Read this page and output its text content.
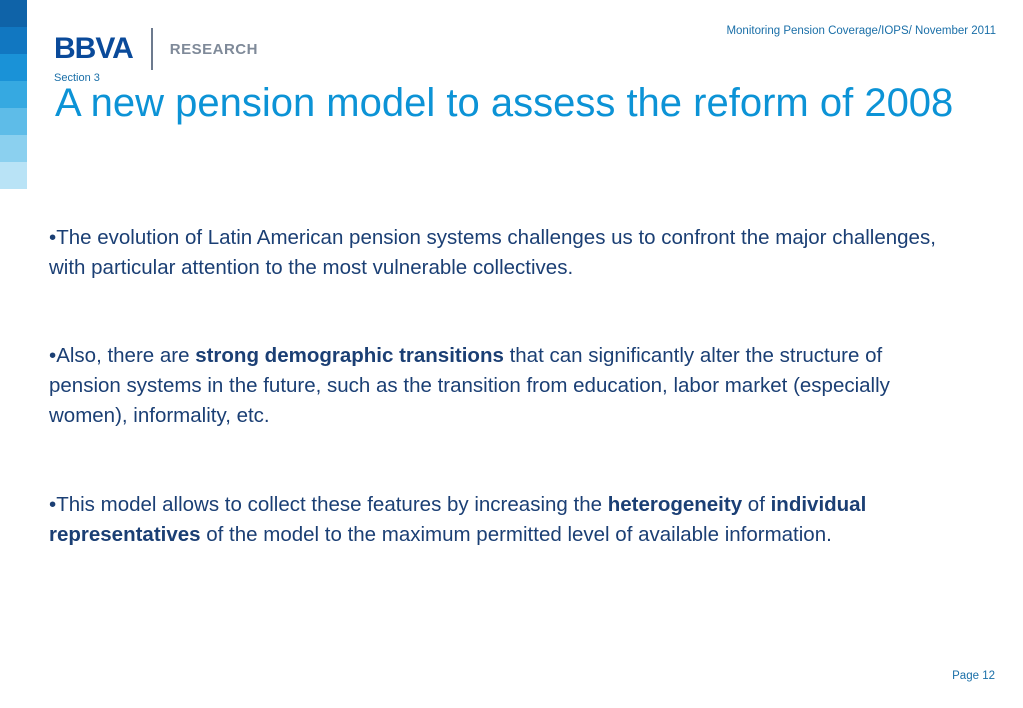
BBVA RESEARCH
Monitoring Pension Coverage/IOPS/ November 2011
Section 3
A new pension model to assess the reform of 2008
•The evolution of Latin American pension systems challenges us to confront the major challenges, with particular attention to the most vulnerable collectives.
•Also, there are strong demographic transitions that can significantly alter the structure of pension systems in the future, such as the transition from education, labor market (especially women), informality, etc.
•This model allows to collect these features by increasing the heterogeneity of individual representatives of the model to the maximum permitted level of available information.
Page 12
